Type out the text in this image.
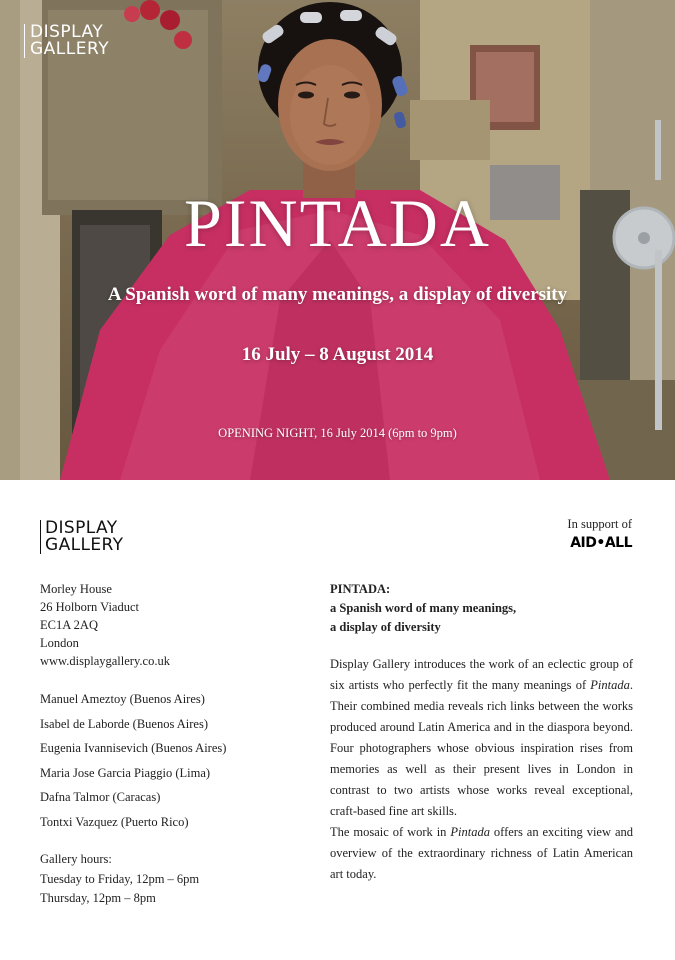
DISPLAY
GALLERY
PINTADA
A Spanish word of many meanings, a display of diversity
16 July – 8 August 2014
OPENING NIGHT, 16 July 2014 (6pm to 9pm)
DISPLAY
GALLERY
In support of
AID•ALL
Morley House
26 Holborn Viaduct
EC1A 2AQ
London
www.displaygallery.co.uk
Manuel Ameztoy (Buenos Aires)
Isabel de Laborde (Buenos Aires)
Eugenia Ivannisevich (Buenos Aires)
Maria Jose Garcia Piaggio (Lima)
Dafna Talmor (Caracas)
Tontxi Vazquez (Puerto Rico)
Gallery hours:
Tuesday to Friday, 12pm – 6pm
Thursday, 12pm – 8pm
PINTADA:
a Spanish word of many meanings,
a display of diversity

Display Gallery introduces the work of an eclectic group of six artists who perfectly fit the many meanings of Pintada. Their combined media reveals rich links between the works produced around Latin America and in the diaspora beyond. Four photographers whose obvious inspiration rises from memories as well as their present lives in London in contrast to two artists whose works reveal exceptional, craft-based fine art skills.

The mosaic of work in Pintada offers an exciting view and overview of the extraordinary richness of Latin American art today.
